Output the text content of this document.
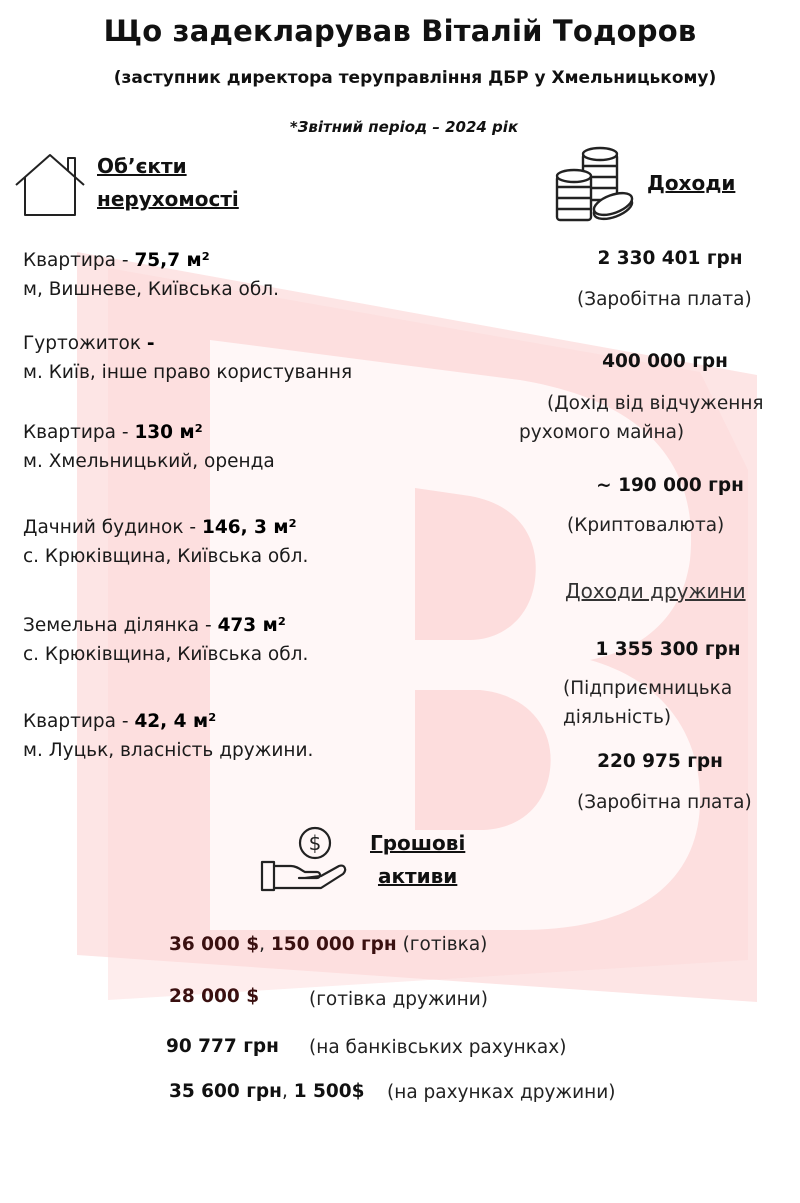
Що задекларував Віталій Тодоров
(заступник директора теруправління ДБР у Хмельницькому)
*Звітний період – 2024 рік
Об’єкти
нерухомості
Квартира - 75,7 м²
м, Вишневе, Київська обл.
Гуртожиток -
м. Київ, інше право користування
Квартира - 130 м²
м. Хмельницький, оренда
Дачний будинок - 146, 3 м²
с. Крюківщина, Київська обл.
Земельна ділянка - 473 м²
с. Крюківщина, Київська обл.
Квартира - 42, 4 м²
м. Луцьк, власність дружини.
Доходи
2 330 401 грн
(Заробітна плата)
400 000 грн
(Дохід від відчуження
рухомого майна)
~ 190 000 грн
(Криптовалюта)
Доходи дружини
1 355 300 грн
(Підприємницька
діяльність)
220 975 грн
(Заробітна плата)
$ Грошові
активи
36 000 $, 150 000 грн (готівка)
28 000 $	(готівка дружини)
90 777 грн (на банківських рахунках)
35 600 грн, 1 500$ (на рахунках дружини)
